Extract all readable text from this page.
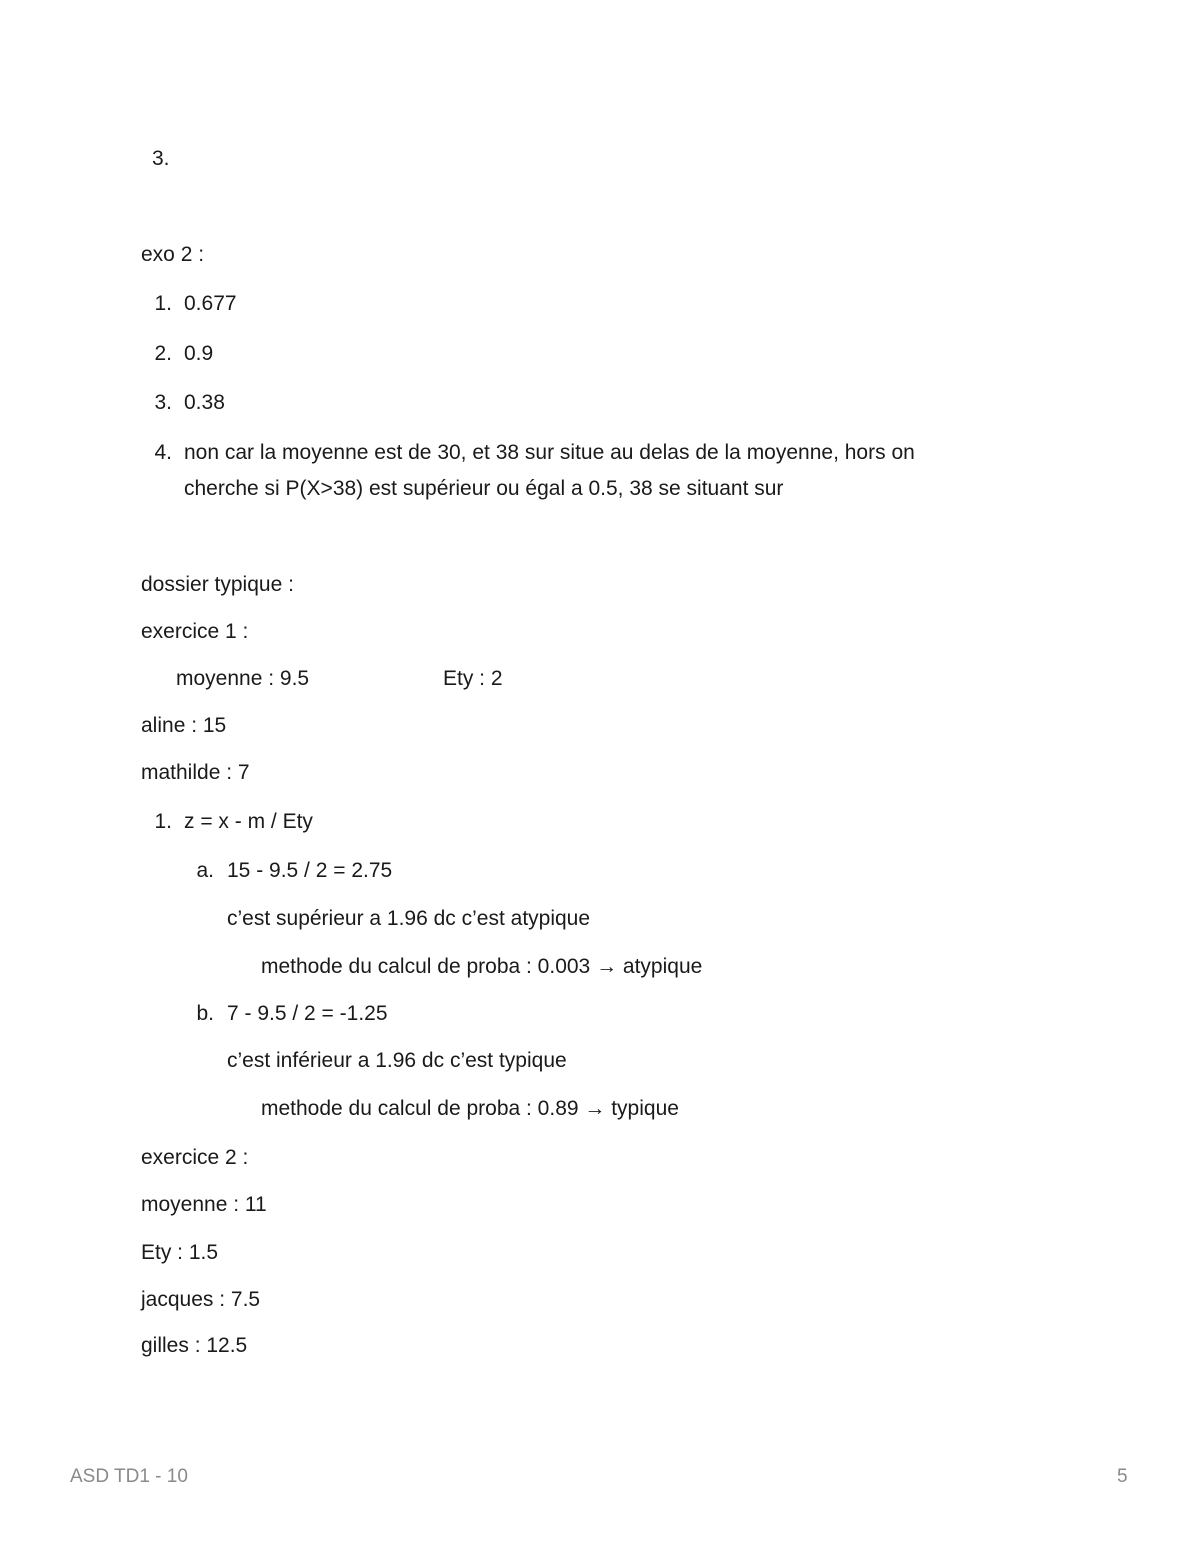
3.
exo 2 :
1. 0.677
2. 0.9
3. 0.38
4. non car la moyenne est de 30, et 38 sur situe au delas de la moyenne, hors on
cherche si P(X>38) est supérieur ou égal a 0.5, 38 se situant sur
dossier typique :
exercice 1 :
moyenne : 9.5	Ety : 2
aline : 15
mathilde : 7
1. z = x - m / Ety
a. 15 - 9.5 / 2 = 2.75
c’est supérieur a 1.96 dc c’est atypique
methode du calcul de proba : 0.003 → atypique
b. 7 - 9.5 / 2 = -1.25
c’est inférieur a 1.96 dc c’est typique
methode du calcul de proba : 0.89 → typique
exercice 2 :
moyenne : 11
Ety : 1.5
jacques : 7.5
gilles : 12.5
ASD TD1 - 10	5
